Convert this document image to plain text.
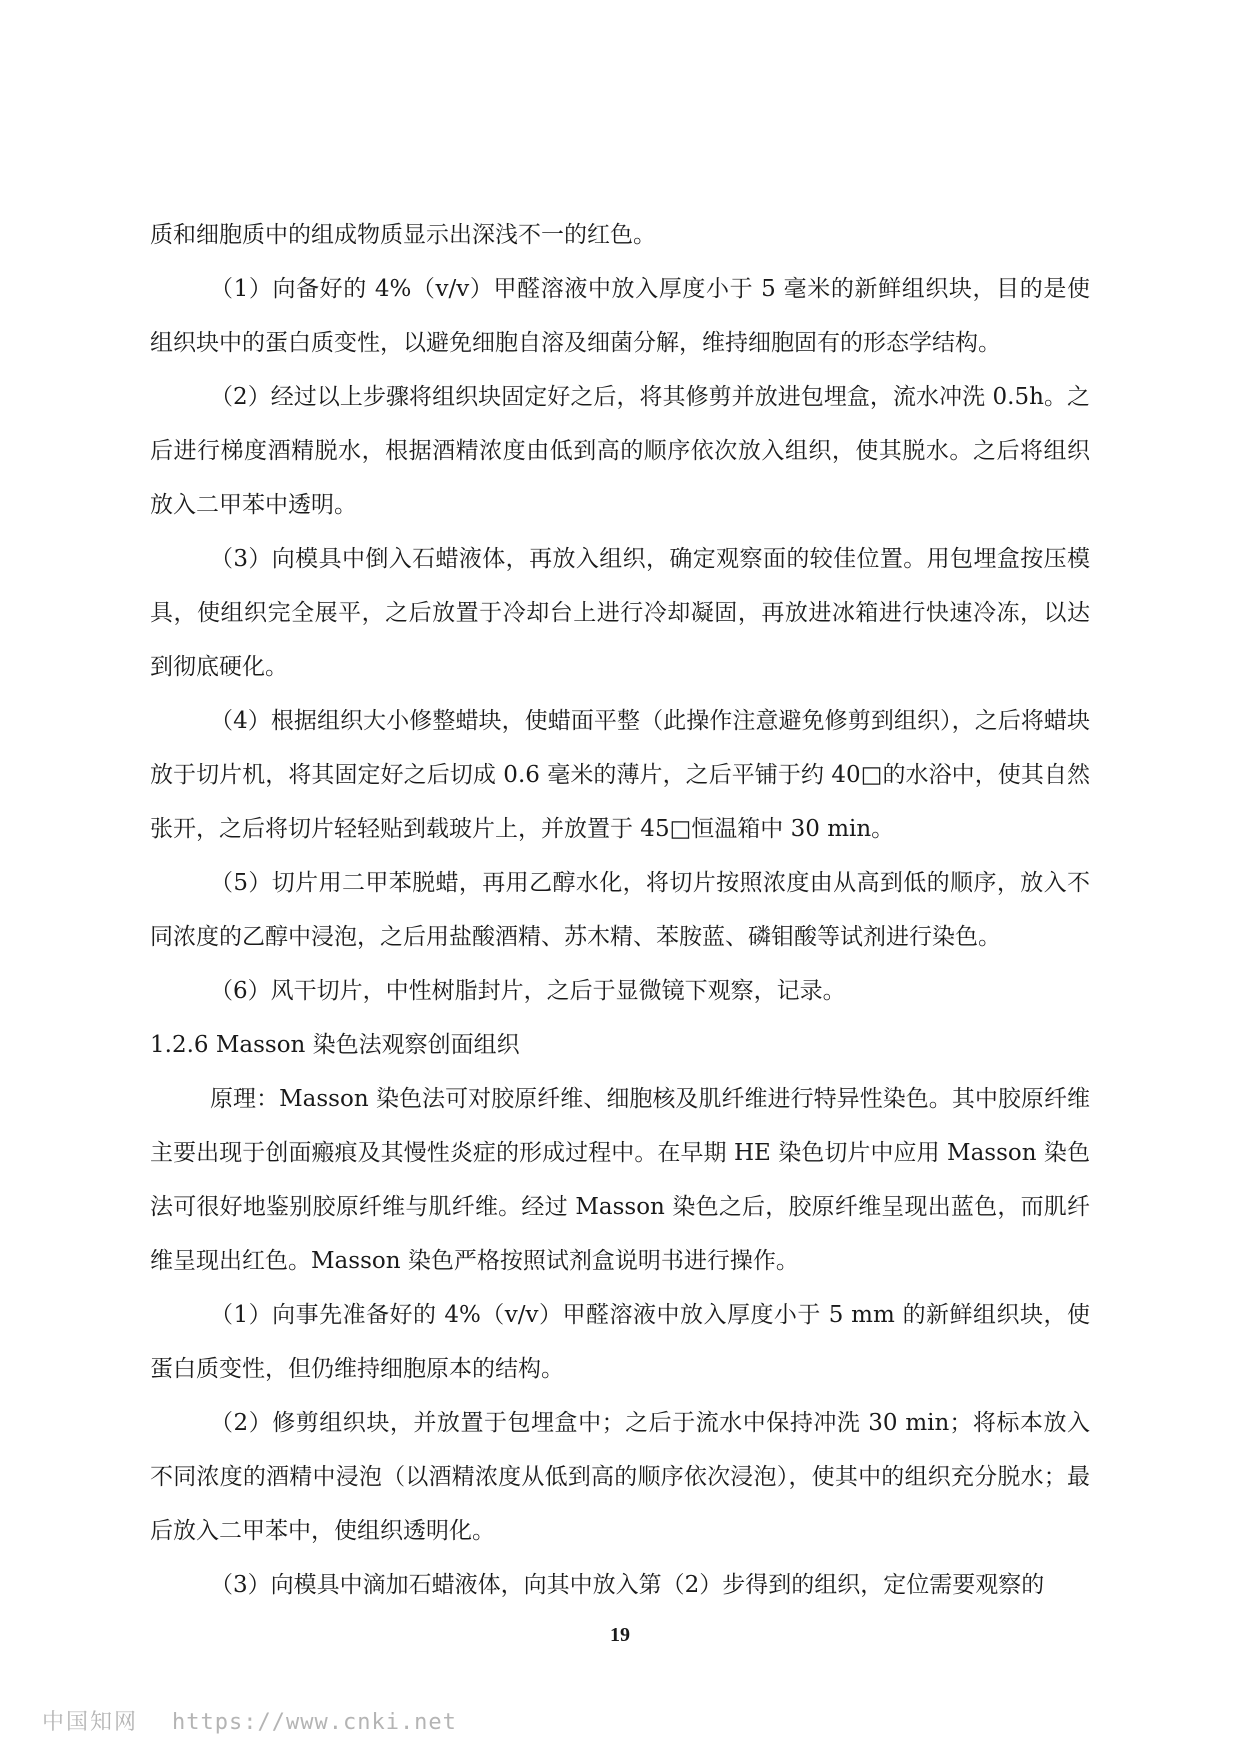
质和细胞质中的组成物质显示出深浅不一的红色。

（1）向备好的 4%（v/v）甲醛溶液中放入厚度小于 5 毫米的新鲜组织块，目的是使组织块中的蛋白质变性，以避免细胞自溶及细菌分解，维持细胞固有的形态学结构。

（2）经过以上步骤将组织块固定好之后，将其修剪并放进包埋盒，流水冲洗 0.5h。之后进行梯度酒精脱水，根据酒精浓度由低到高的顺序依次放入组织，使其脱水。之后将组织放入二甲苯中透明。

（3）向模具中倒入石蜡液体，再放入组织，确定观察面的较佳位置。用包埋盒按压模具，使组织完全展平，之后放置于冷却台上进行冷却凝固，再放进冰箱进行快速冷冻，以达到彻底硬化。

（4）根据组织大小修整蜡块，使蜡面平整（此操作注意避免修剪到组织），之后将蜡块放于切片机，将其固定好之后切成 0.6 毫米的薄片，之后平铺于约 40□的水浴中，使其自然张开，之后将切片轻轻贴到载玻片上，并放置于 45□恒温箱中 30 min。

（5）切片用二甲苯脱蜡，再用乙醇水化，将切片按照浓度由从高到低的顺序，放入不同浓度的乙醇中浸泡，之后用盐酸酒精、苏木精、苯胺蓝、磷钼酸等试剂进行染色。

（6）风干切片，中性树脂封片，之后于显微镜下观察，记录。

1.2.6 Masson 染色法观察创面组织

原理：Masson 染色法可对胶原纤维、细胞核及肌纤维进行特异性染色。其中胶原纤维主要出现于创面瘢痕及其慢性炎症的形成过程中。在早期 HE 染色切片中应用 Masson 染色法可很好地鉴别胶原纤维与肌纤维。经过 Masson 染色之后，胶原纤维呈现出蓝色，而肌纤维呈现出红色。Masson 染色严格按照试剂盒说明书进行操作。

（1）向事先准备好的 4%（v/v）甲醛溶液中放入厚度小于 5 mm 的新鲜组织块，使蛋白质变性，但仍维持细胞原本的结构。

（2）修剪组织块，并放置于包埋盒中；之后于流水中保持冲洗 30 min；将标本放入不同浓度的酒精中浸泡（以酒精浓度从低到高的顺序依次浸泡），使其中的组织充分脱水；最后放入二甲苯中，使组织透明化。

（3）向模具中滴加石蜡液体，向其中放入第（2）步得到的组织，定位需要观察的

19
中国知网 https://www.cnki.net
